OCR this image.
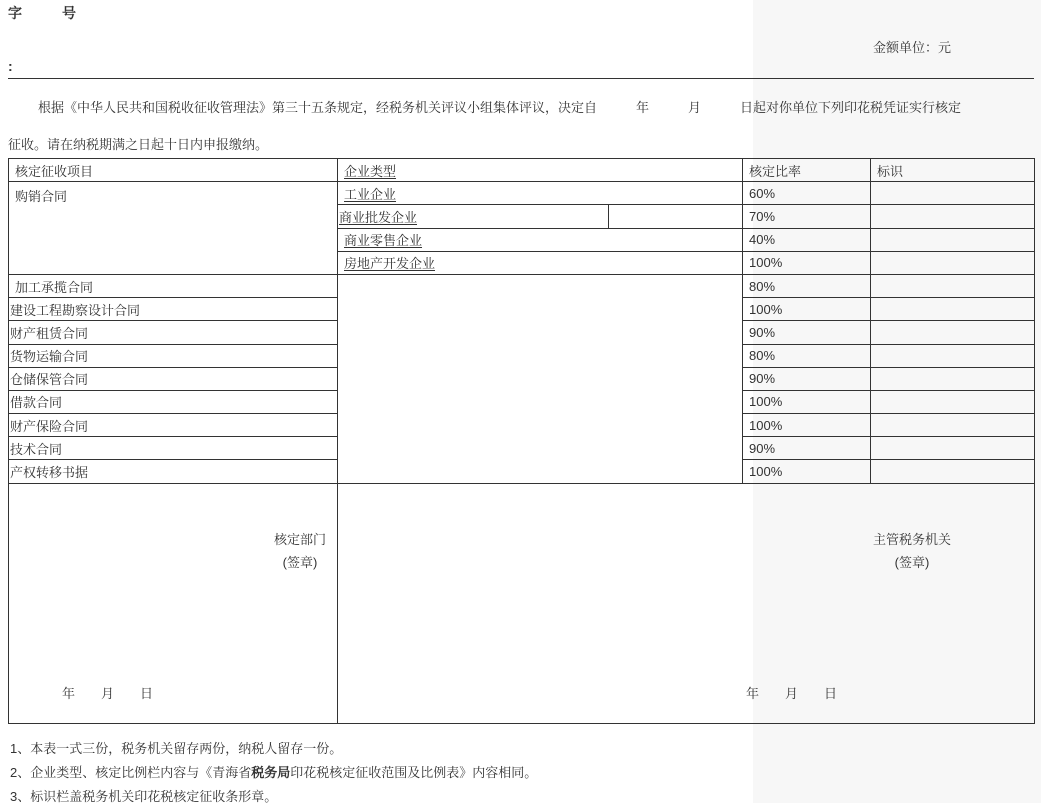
字	号
:
金额单位：元
根据《中华人民共和国税收征收管理法》第三十五条规定，经税务机关评议小组集体评议，决定自　　　年　　　月　　　日起对你单位下列印花税凭证实行核定
征收。请在纳税期满之日起十日内申报缴纳。
核定征收项目	企业类型		核定比率	标识
购销合同	工业企业		60%	
	商业批发企业		70%	
	商业零售企业		40%	
	房地产开发企业		100%	
加工承揽合同			80%	
建设工程勘察设计合同			100%	
财产租赁合同			90%	
货物运输合同			80%	
仓储保管合同			90%	
借款合同			100%	
财产保险合同			100%	
技术合同			90%	
产权转移书据			100%	

核定部门
(签章)
年　　月　　日

主管税务机关
(签章)
年　　月　　日
1、本表一式三份，税务机关留存两份，纳税人留存一份。
2、企业类型、核定比例栏内容与《青海省税务局印花税核定征收范围及比例表》内容相同。
3、标识栏盖税务机关印花税核定征收条形章。
